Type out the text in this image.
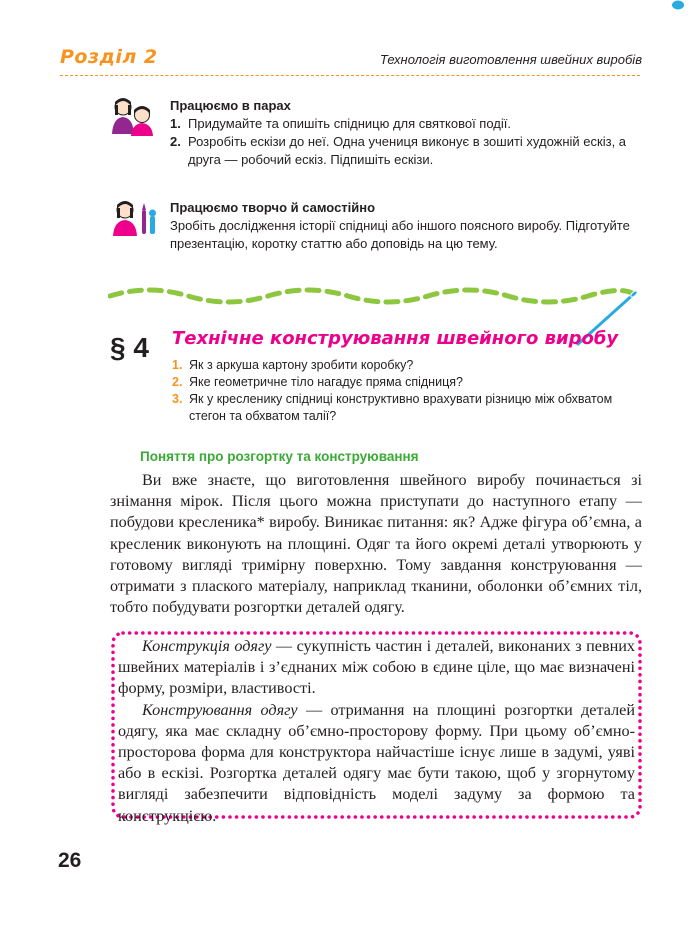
Розділ 2	Технологія виготовлення швейних виробів
Працюємо в парах
1. Придумайте та опишіть спідницю для святкової події.
2. Розробіть ескізи до неї. Одна учениця виконує в зошиті художній ескіз, а друга — робочий ескіз. Підпишіть ескізи.
Працюємо творчо й самостійно
Зробіть дослідження історії спідниці або іншого поясного виробу. Підготуйте презентацію, коротку статтю або доповідь на цю тему.
§ 4 Технічне конструювання швейного виробу
1. Як з аркуша картону зробити коробку?
2. Яке геометричне тіло нагадує пряма спідниця?
3. Як у кресленику спідниці конструктивно врахувати різницю між обхватом стегон та обхватом талії?
Поняття про розгортку та конструювання

Ви вже знаєте, що виготовлення швейного виробу починається зі знімання мірок. Після цього можна приступати до наступного етапу — побудови кресленика* виробу. Виникає питання: як? Адже фігура об’ємна, а кресленик виконують на площині. Одяг та його окремі деталі утворюють у готовому вигляді тримірну поверхню. Тому завдання конструювання — отримати з плаского матеріалу, наприклад тканини, оболонки об’ємних тіл, тобто побудувати розгортки деталей одягу.

Конструкція одягу — сукупність частин і деталей, виконаних з певних швейних матеріалів і з’єднаних між собою в єдине ціле, що має визначені форму, розміри, властивості.

Конструювання одягу — отримання на площині розгортки деталей одягу, яка має складну об’ємно-просторову форму. При цьому об’ємно-просторова форма для конструктора найчастіше існує лише в задумі, уяві або в ескізі. Розгортка деталей одягу має бути такою, щоб у згорнутому вигляді забезпечити відповідність моделі задуму за формою та конструкцією.

26
